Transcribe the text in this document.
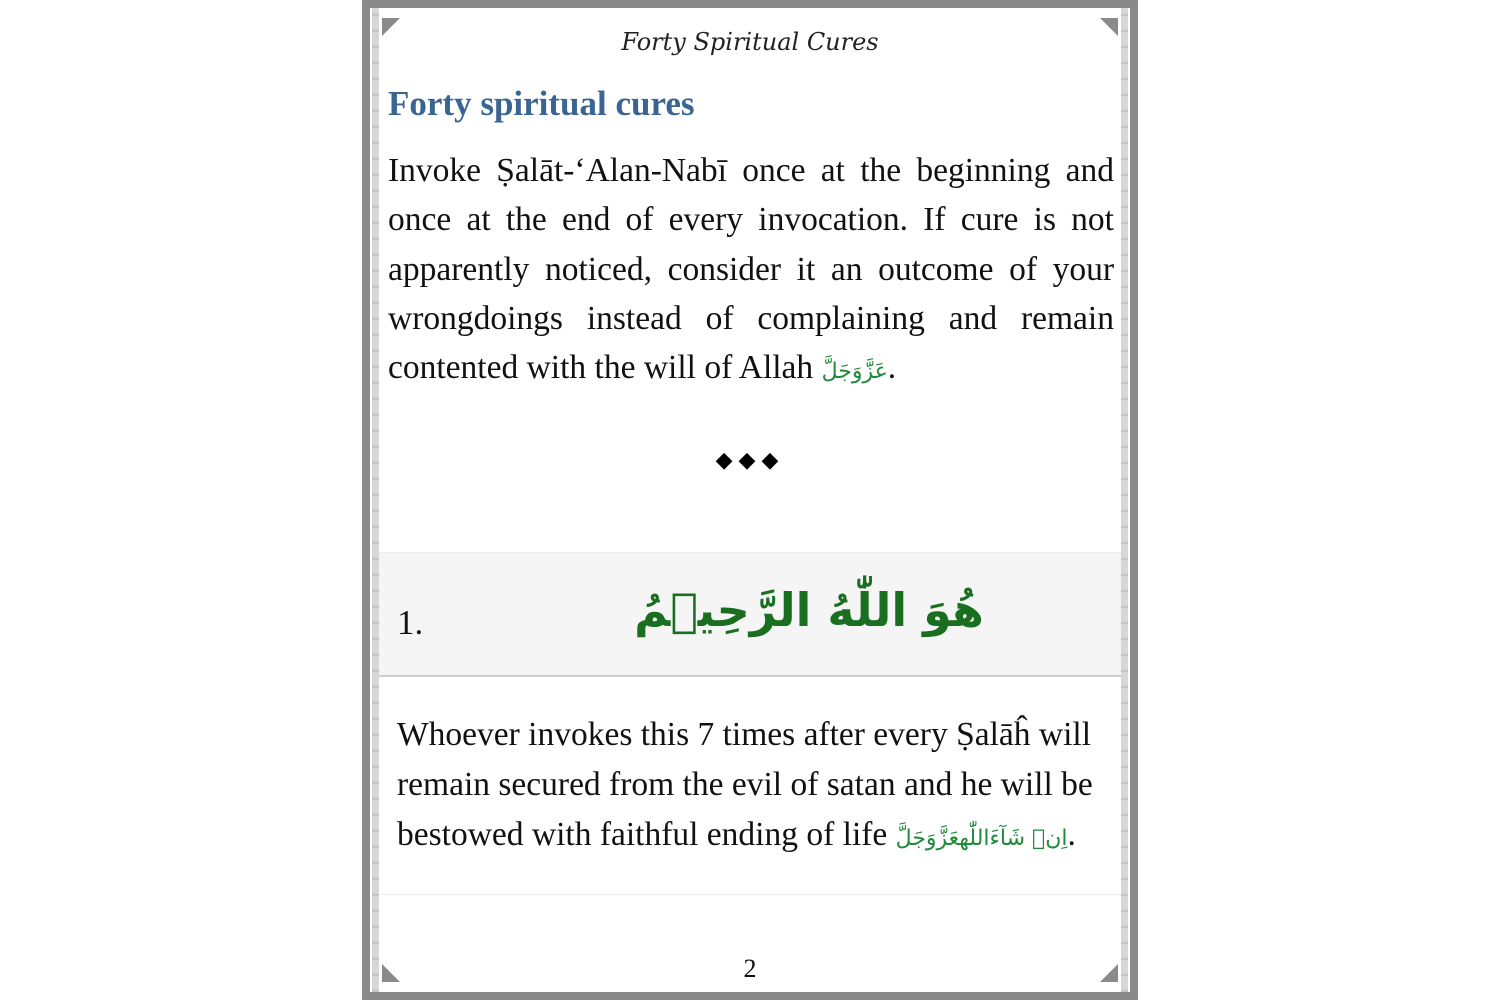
Forty Spiritual Cures
Forty spiritual cures
Invoke Ṣalāt-‘Alan-Nabī once at the beginning and once at the end of every invocation. If cure is not apparently noticed, consider it an outcome of your wrongdoings instead of complaining and remain contented with the will of Allah عَزَّوَجَلَّ.
◆◆◆
1.	هُوَ اللّٰهُ الرَّحِيۡمُ
Whoever invokes this 7 times after every Ṣalāĥ will remain secured from the evil of satan and he will be bestowed with faithful ending of life اِنۡ شَآءَاللّٰهعَزَّوَجَلَّ.
2
